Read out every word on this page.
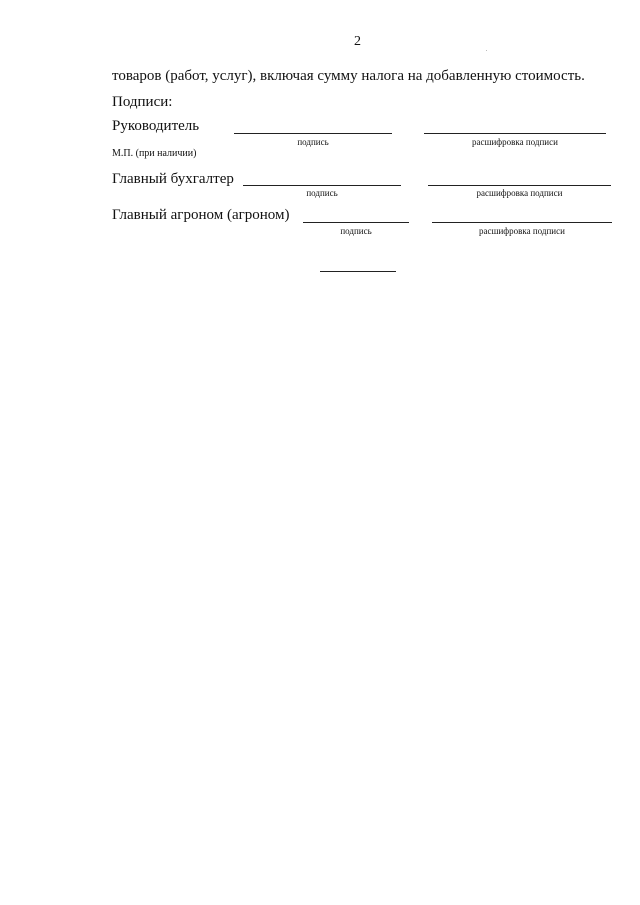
2
товаров (работ, услуг), включая сумму налога на добавленную стоимость.
Подписи:
Руководитель
подпись	расшифровка подписи
М.П. (при наличии)
Главный бухгалтер
подпись	расшифровка подписи
Главный агроном (агроном)
подпись	расшифровка подписи
